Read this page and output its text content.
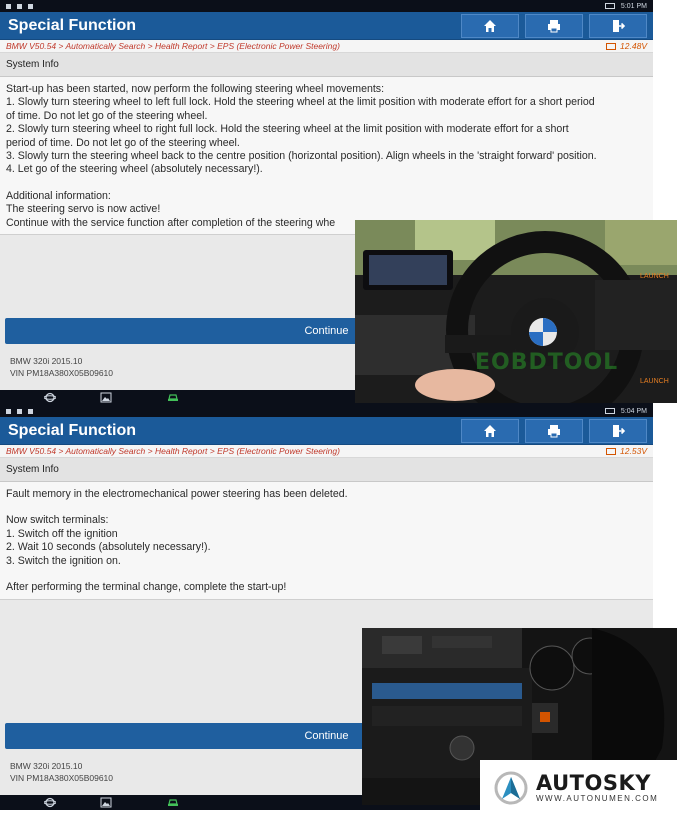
5:01 PM
Special Function
BMW V50.54 > Automatically Search > Health Report > EPS (Electronic Power Steering)	12.48V
System Info

Start-up has been started, now perform the following steering wheel movements:

1. Slowly turn steering wheel to left full lock. Hold the steering wheel at the limit position with moderate effort for a short period

of time. Do not let go of the steering wheel.

2. Slowly turn steering wheel to right full lock. Hold the steering wheel at the limit position with moderate effort for a short

period of time. Do not let go of the steering wheel.

3. Slowly turn the steering wheel back to the centre position (horizontal position). Align wheels in the 'straight forward' position.

4. Let go of the steering wheel (absolutely necessary!).

Additional information:

The steering servo is now active!

Continue with the service function after completion of the steering whe

Continue
BMW 320i 2015.10
VIN PM18A380X05B09610
5:04 PM
Special Function
BMW V50.54 > Automatically Search > Health Report > EPS (Electronic Power Steering)	12.53V
System Info

Fault memory in the electromechanical power steering has been deleted.

Now switch terminals:

1. Switch off the ignition

2. Wait 10 seconds (absolutely necessary!).

3. Switch the ignition on.

After performing the terminal change, complete the start-up!

Continue
BMW 320i 2015.10
VIN PM18A380X05B09610
LAUNCH
LAUNCH
EOBDTOOL
AUTOSKY
WWW.AUTONUMEN.COM
